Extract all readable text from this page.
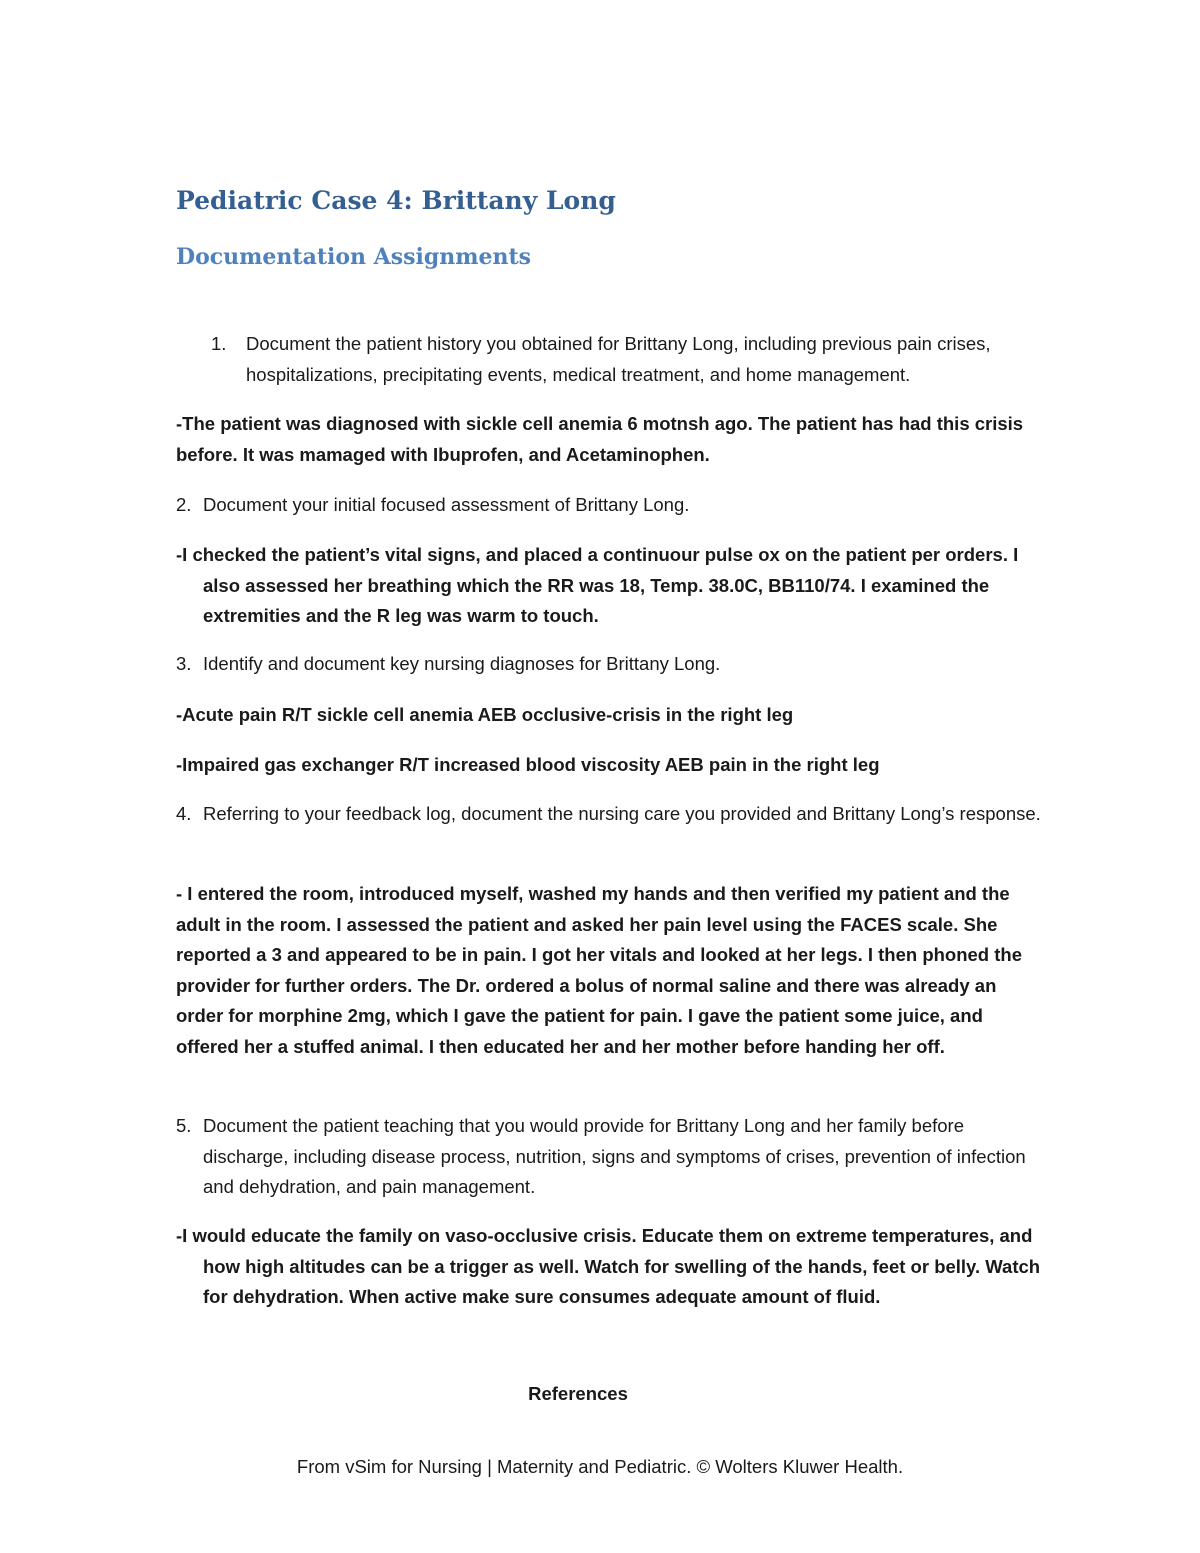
Pediatric Case 4: Brittany Long
Documentation Assignments

1. Document the patient history you obtained for Brittany Long, including previous pain crises, hospitalizations, precipitating events, medical treatment, and home management.

-The patient was diagnosed with sickle cell anemia 6 motnsh ago. The patient has had this crisis before. It was mamaged with Ibuprofen, and Acetaminophen.

2. Document your initial focused assessment of Brittany Long.

-I checked the patient’s vital signs, and placed a continuour pulse ox on the patient per orders. I also assessed her breathing which the RR was 18, Temp. 38.0C, BB110/74. I examined the extremities and the R leg was warm to touch.

3. Identify and document key nursing diagnoses for Brittany Long.

-Acute pain R/T sickle cell anemia AEB occlusive-crisis in the right leg

-Impaired gas exchanger R/T increased blood viscosity AEB pain in the right leg

4. Referring to your feedback log, document the nursing care you provided and Brittany Long’s response.

- I entered the room, introduced myself, washed my hands and then verified my patient and the adult in the room. I assessed the patient and asked her pain level using the FACES scale. She reported a 3 and appeared to be in pain. I got her vitals and looked at her legs. I then phoned the provider for further orders. The Dr. ordered a bolus of normal saline and there was already an order for morphine 2mg, which I gave the patient for pain. I gave the patient some juice, and offered her a stuffed animal. I then educated her and her mother before handing her off.

5. Document the patient teaching that you would provide for Brittany Long and her family before discharge, including disease process, nutrition, signs and symptoms of crises, prevention of infection and dehydration, and pain management.

-I would educate the family on vaso-occlusive crisis. Educate them on extreme temperatures, and how high altitudes can be a trigger as well. Watch for swelling of the hands, feet or belly. Watch for dehydration. When active make sure consumes adequate amount of fluid.

References

From vSim for Nursing | Maternity and Pediatric. © Wolters Kluwer Health.
